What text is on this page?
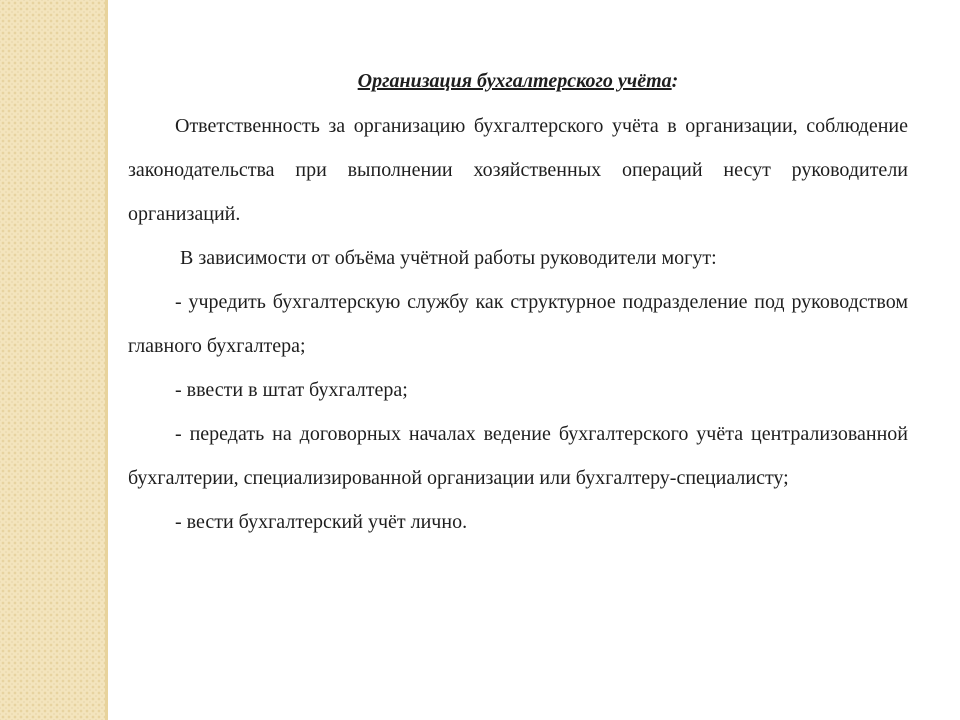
Организация бухгалтерского учёта:

Ответственность за организацию бухгалтерского учёта в организации, соблюдение законодательства при выполнении хозяйственных операций несут руководители организаций.

В зависимости от объёма учётной работы руководители могут:

- учредить бухгалтерскую службу как структурное подразделение под руководством главного бухгалтера;

- ввести в штат бухгалтера;

- передать на договорных началах ведение бухгалтерского учёта централизованной бухгалтерии, специализированной организации или бухгалтеру-специалисту;

- вести бухгалтерский учёт лично.
